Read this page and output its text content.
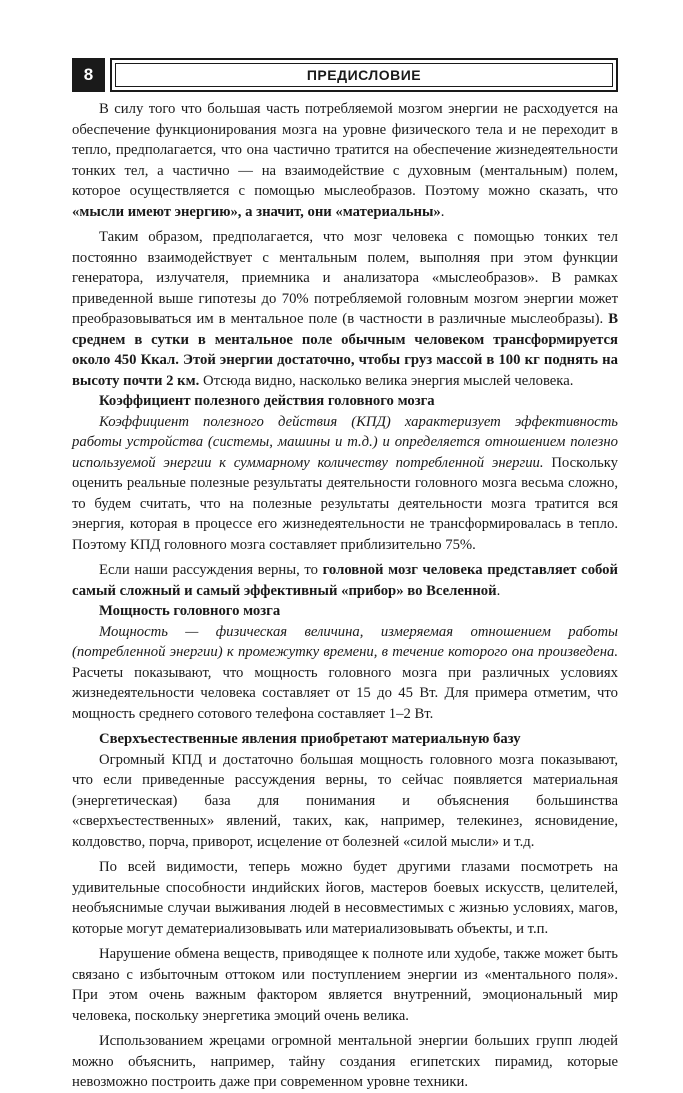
8	ПРЕДИСЛОВИЕ

В силу того что большая часть потребляемой мозгом энергии не расходуется на обеспечение функционирования мозга на уровне физического тела и не переходит в тепло, предполагается, что она частично тратится на обеспечение жизнедеятельности тонких тел, а частично — на взаимодействие с духовным (ментальным) полем, которое осуществляется с помощью мыслеобразов. Поэтому можно сказать, что «мысли имеют энергию», а значит, они «материальны».

Таким образом, предполагается, что мозг человека с помощью тонких тел постоянно взаимодействует с ментальным полем, выполняя при этом функции генератора, излучателя, приемника и анализатора «мыслеобразов». В рамках приведенной выше гипотезы до 70% потребляемой головным мозгом энергии может преобразовываться им в ментальное поле (в частности в различные мыслеобразы). В среднем в сутки в ментальное поле обычным человеком трансформируется около 450 Ккал. Этой энергии достаточно, чтобы груз массой в 100 кг поднять на высоту почти 2 км. Отсюда видно, насколько велика энергия мыслей человека.

Коэффициент полезного действия головного мозга

Коэффициент полезного действия (КПД) характеризует эффективность работы устройства (системы, машины и т.д.) и определяется отношением полезно используемой энергии к суммарному количеству потребленной энергии. Поскольку оценить реальные полезные результаты деятельности головного мозга весьма сложно, то будем считать, что на полезные результаты деятельности мозга тратится вся энергия, которая в процессе его жизнедеятельности не трансформировалась в тепло. Поэтому КПД головного мозга составляет приблизительно 75%.

Если наши рассуждения верны, то головной мозг человека представляет собой самый сложный и самый эффективный «прибор» во Вселенной.

Мощность головного мозга

Мощность — физическая величина, измеряемая отношением работы (потребленной энергии) к промежутку времени, в течение которого она произведена. Расчеты показывают, что мощность головного мозга при различных условиях жизнедеятельности человека составляет от 15 до 45 Вт. Для примера отметим, что мощность среднего сотового телефона составляет 1–2 Вт.

Сверхъестественные явления приобретают материальную базу

Огромный КПД и достаточно большая мощность головного мозга показывают, что если приведенные рассуждения верны, то сейчас появляется материальная (энергетическая) база для понимания и объяснения большинства «сверхъестественных» явлений, таких, как, например, телекинез, ясновидение, колдовство, порча, приворот, исцеление от болезней «силой мысли» и т.д.

По всей видимости, теперь можно будет другими глазами посмотреть на удивительные способности индийских йогов, мастеров боевых искусств, целителей, необъяснимые случаи выживания людей в несовместимых с жизнью условиях, магов, которые могут дематериализовывать или материализовывать объекты, и т.п.

Нарушение обмена веществ, приводящее к полноте или худобе, также может быть связано с избыточным оттоком или поступлением энергии из «ментального поля». При этом очень важным фактором является внутренний, эмоциональный мир человека, поскольку энергетика эмоций очень велика.

Использованием жрецами огромной ментальной энергии больших групп людей можно объяснить, например, тайну создания египетских пирамид, которые невозможно построить даже при современном уровне техники.
